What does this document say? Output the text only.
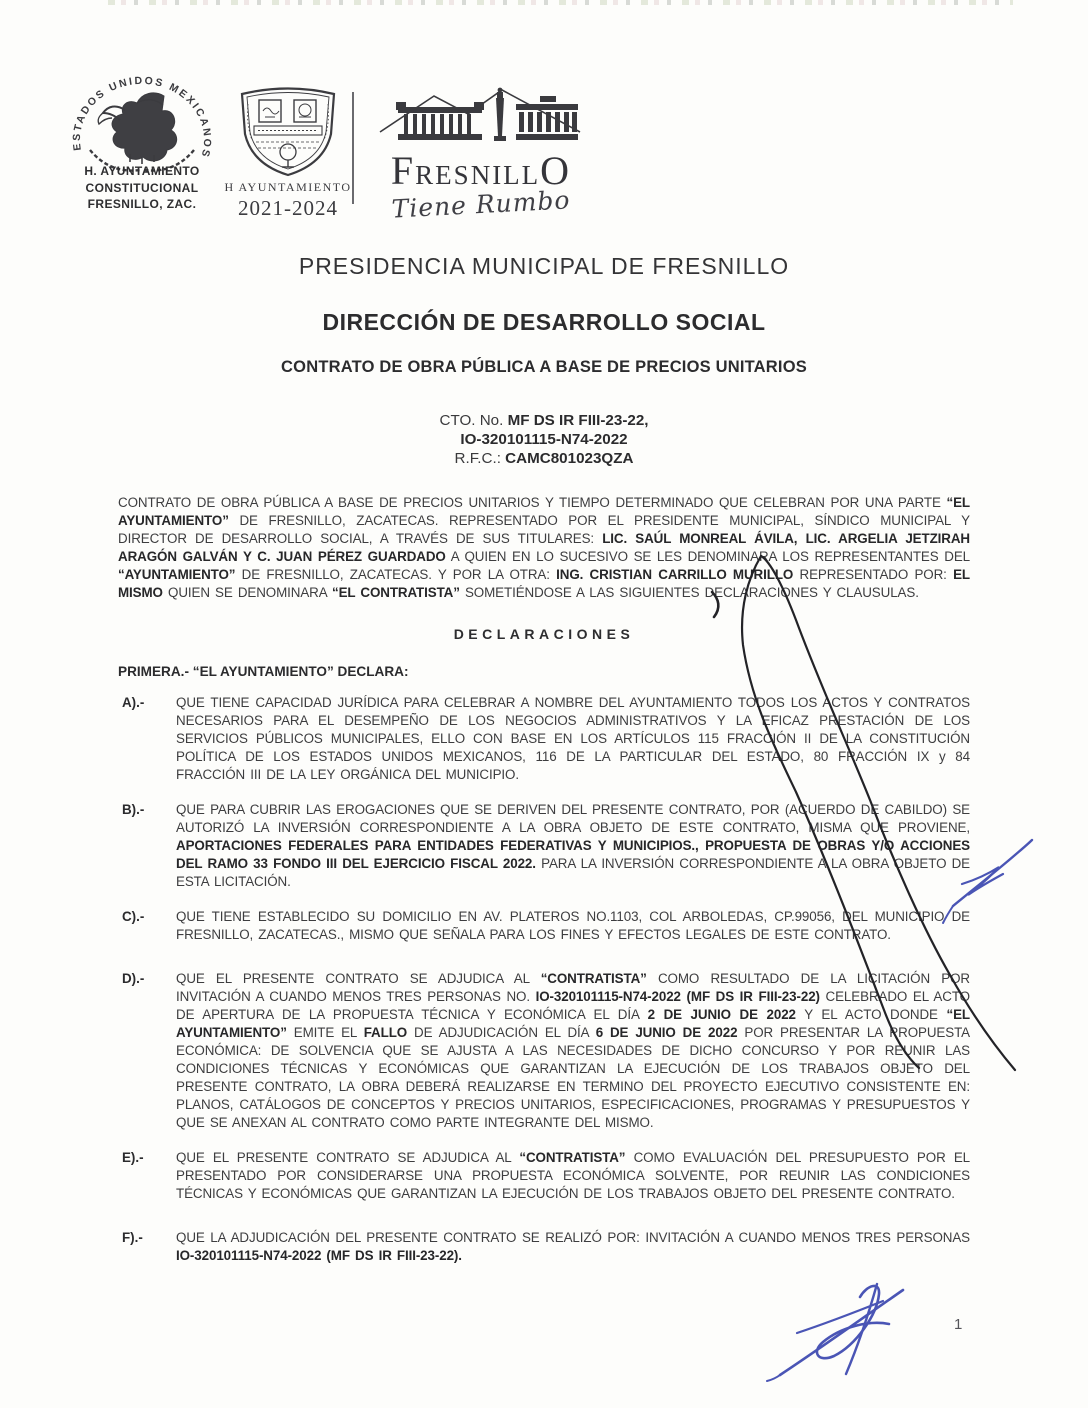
ESTADOS UNIDOS MEXICANOS
H. AYUNTAMIENTO
CONSTITUCIONAL
FRESNILLO, ZAC.
H AYUNTAMIENTO
2021-2024
FRESNILLO
Tiene Rumbo
PRESIDENCIA MUNICIPAL DE FRESNILLO
DIRECCIÓN DE DESARROLLO SOCIAL
CONTRATO DE OBRA PÚBLICA A BASE DE PRECIOS UNITARIOS
CTO. No. MF DS IR FIII-23-22,
IO-320101115-N74-2022
R.F.C.: CAMC801023QZA

CONTRATO DE OBRA PÚBLICA A BASE DE PRECIOS UNITARIOS Y TIEMPO DETERMINADO QUE CELEBRAN POR UNA PARTE “EL AYUNTAMIENTO” DE FRESNILLO, ZACATECAS. REPRESENTADO POR EL PRESIDENTE MUNICIPAL, SÍNDICO MUNICIPAL Y DIRECTOR DE DESARROLLO SOCIAL, A TRAVÉS DE SUS TITULARES: LIC. SAÚL MONREAL ÁVILA, LIC. ARGELIA JETZIRAH ARAGÓN GALVÁN Y C. JUAN PÉREZ GUARDADO A QUIEN EN LO SUCESIVO SE LES DENOMINARA LOS REPRESENTANTES DEL “AYUNTAMIENTO” DE FRESNILLO, ZACATECAS. Y POR LA OTRA: ING. CRISTIAN CARRILLO MURILLO REPRESENTADO POR: EL MISMO QUIEN SE DENOMINARA “EL CONTRATISTA” SOMETIÉNDOSE A LAS SIGUIENTES DECLARACIONES Y CLAUSULAS.

DECLARACIONES
PRIMERA.- “EL AYUNTAMIENTO” DECLARA:
A).-	QUE TIENE CAPACIDAD JURÍDICA PARA CELEBRAR A NOMBRE DEL AYUNTAMIENTO TODOS LOS ACTOS Y CONTRATOS NECESARIOS PARA EL DESEMPEÑO DE LOS NEGOCIOS ADMINISTRATIVOS Y LA EFICAZ PRESTACIÓN DE LOS SERVICIOS PÚBLICOS MUNICIPALES, ELLO CON BASE EN LOS ARTÍCULOS 115 FRACCIÓN II DE LA CONSTITUCIÓN POLÍTICA DE LOS ESTADOS UNIDOS MEXICANOS, 116 DE LA PARTICULAR DEL ESTADO, 80 FRACCIÓN IX y 84 FRACCIÓN III DE LA LEY ORGÁNICA DEL MUNICIPIO.

B).-	QUE PARA CUBRIR LAS EROGACIONES QUE SE DERIVEN DEL PRESENTE CONTRATO, POR (ACUERDO DE CABILDO) SE AUTORIZÓ LA INVERSIÓN CORRESPONDIENTE A LA OBRA OBJETO DE ESTE CONTRATO, MISMA QUE PROVIENE, APORTACIONES FEDERALES PARA ENTIDADES FEDERATIVAS Y MUNICIPIOS., PROPUESTA DE OBRAS Y/O ACCIONES DEL RAMO 33 FONDO III DEL EJERCICIO FISCAL 2022. PARA LA INVERSIÓN CORRESPONDIENTE A LA OBRA OBJETO DE ESTA LICITACIÓN.

C).-	QUE TIENE ESTABLECIDO SU DOMICILIO EN AV. PLATEROS NO.1103, COL ARBOLEDAS, CP.99056, DEL MUNICIPIO DE FRESNILLO, ZACATECAS., MISMO QUE SEÑALA PARA LOS FINES Y EFECTOS LEGALES DE ESTE CONTRATO.

D).-	QUE EL PRESENTE CONTRATO SE ADJUDICA AL “CONTRATISTA” COMO RESULTADO DE LA LICITACIÓN POR INVITACIÓN A CUANDO MENOS TRES PERSONAS NO. IO-320101115-N74-2022 (MF DS IR FIII-23-22) CELEBRADO EL ACTO DE APERTURA DE LA PROPUESTA TÉCNICA Y ECONÓMICA EL DÍA 2 DE JUNIO DE 2022 Y EL ACTO DONDE “EL AYUNTAMIENTO” EMITE EL FALLO DE ADJUDICACIÓN EL DÍA 6 DE JUNIO DE 2022 POR PRESENTAR LA PROPUESTA ECONÓMICA: DE SOLVENCIA QUE SE AJUSTA A LAS NECESIDADES DE DICHO CONCURSO Y POR REUNIR LAS CONDICIONES TÉCNICAS Y ECONÓMICAS QUE GARANTIZAN LA EJECUCIÓN DE LOS TRABAJOS OBJETO DEL PRESENTE CONTRATO, LA OBRA DEBERÁ REALIZARSE EN TERMINO DEL PROYECTO EJECUTIVO CONSISTENTE EN: PLANOS, CATÁLOGOS DE CONCEPTOS Y PRECIOS UNITARIOS, ESPECIFICACIONES, PROGRAMAS Y PRESUPUESTOS Y QUE SE ANEXAN AL CONTRATO COMO PARTE INTEGRANTE DEL MISMO.

E).-	QUE EL PRESENTE CONTRATO SE ADJUDICA AL “CONTRATISTA” COMO EVALUACIÓN DEL PRESUPUESTO POR EL PRESENTADO POR CONSIDERARSE UNA PROPUESTA ECONÓMICA SOLVENTE, POR REUNIR LAS CONDICIONES TÉCNICAS Y ECONÓMICAS QUE GARANTIZAN LA EJECUCIÓN DE LOS TRABAJOS OBJETO DEL PRESENTE CONTRATO.

F).-	QUE LA ADJUDICACIÓN DEL PRESENTE CONTRATO SE REALIZÓ POR: INVITACIÓN A CUANDO MENOS TRES PERSONAS IO-320101115-N74-2022 (MF DS IR FIII-23-22).

1
